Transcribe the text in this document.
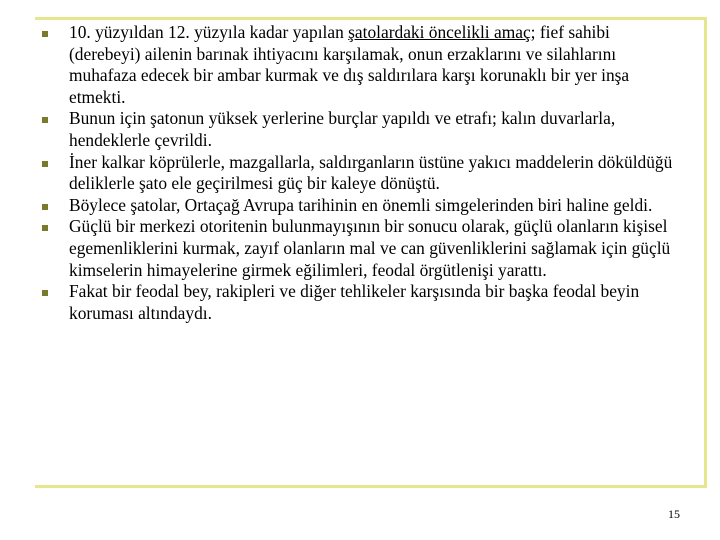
10. yüzyıldan 12. yüzyıla kadar yapılan şatolardaki öncelikli amaç; fief sahibi (derebeyi) ailenin barınak ihtiyacını karşılamak, onun erzaklarını ve silahlarını muhafaza edecek bir ambar kurmak ve dış saldırılara karşı korunaklı bir yer inşa etmekti.
Bunun için şatonun yüksek yerlerine burçlar yapıldı ve etrafı; kalın duvarlarla, hendeklerle çevrildi.
İner kalkar köprülerle, mazgallarla, saldırganların üstüne yakıcı maddelerin döküldüğü deliklerle şato ele geçirilmesi güç bir kaleye dönüştü.
Böylece şatolar, Ortaçağ Avrupa tarihinin en önemli simgelerinden biri haline geldi.
Güçlü bir merkezi otoritenin bulunmayışının bir sonucu olarak, güçlü olanların kişisel egemenliklerini kurmak, zayıf olanların mal ve can güvenliklerini sağlamak için güçlü kimselerin himayelerine girmek eğilimleri, feodal örgütlenişi yarattı.
Fakat bir feodal bey, rakipleri ve diğer tehlikeler karşısında bir başka feodal beyin koruması altındaydı.
15
